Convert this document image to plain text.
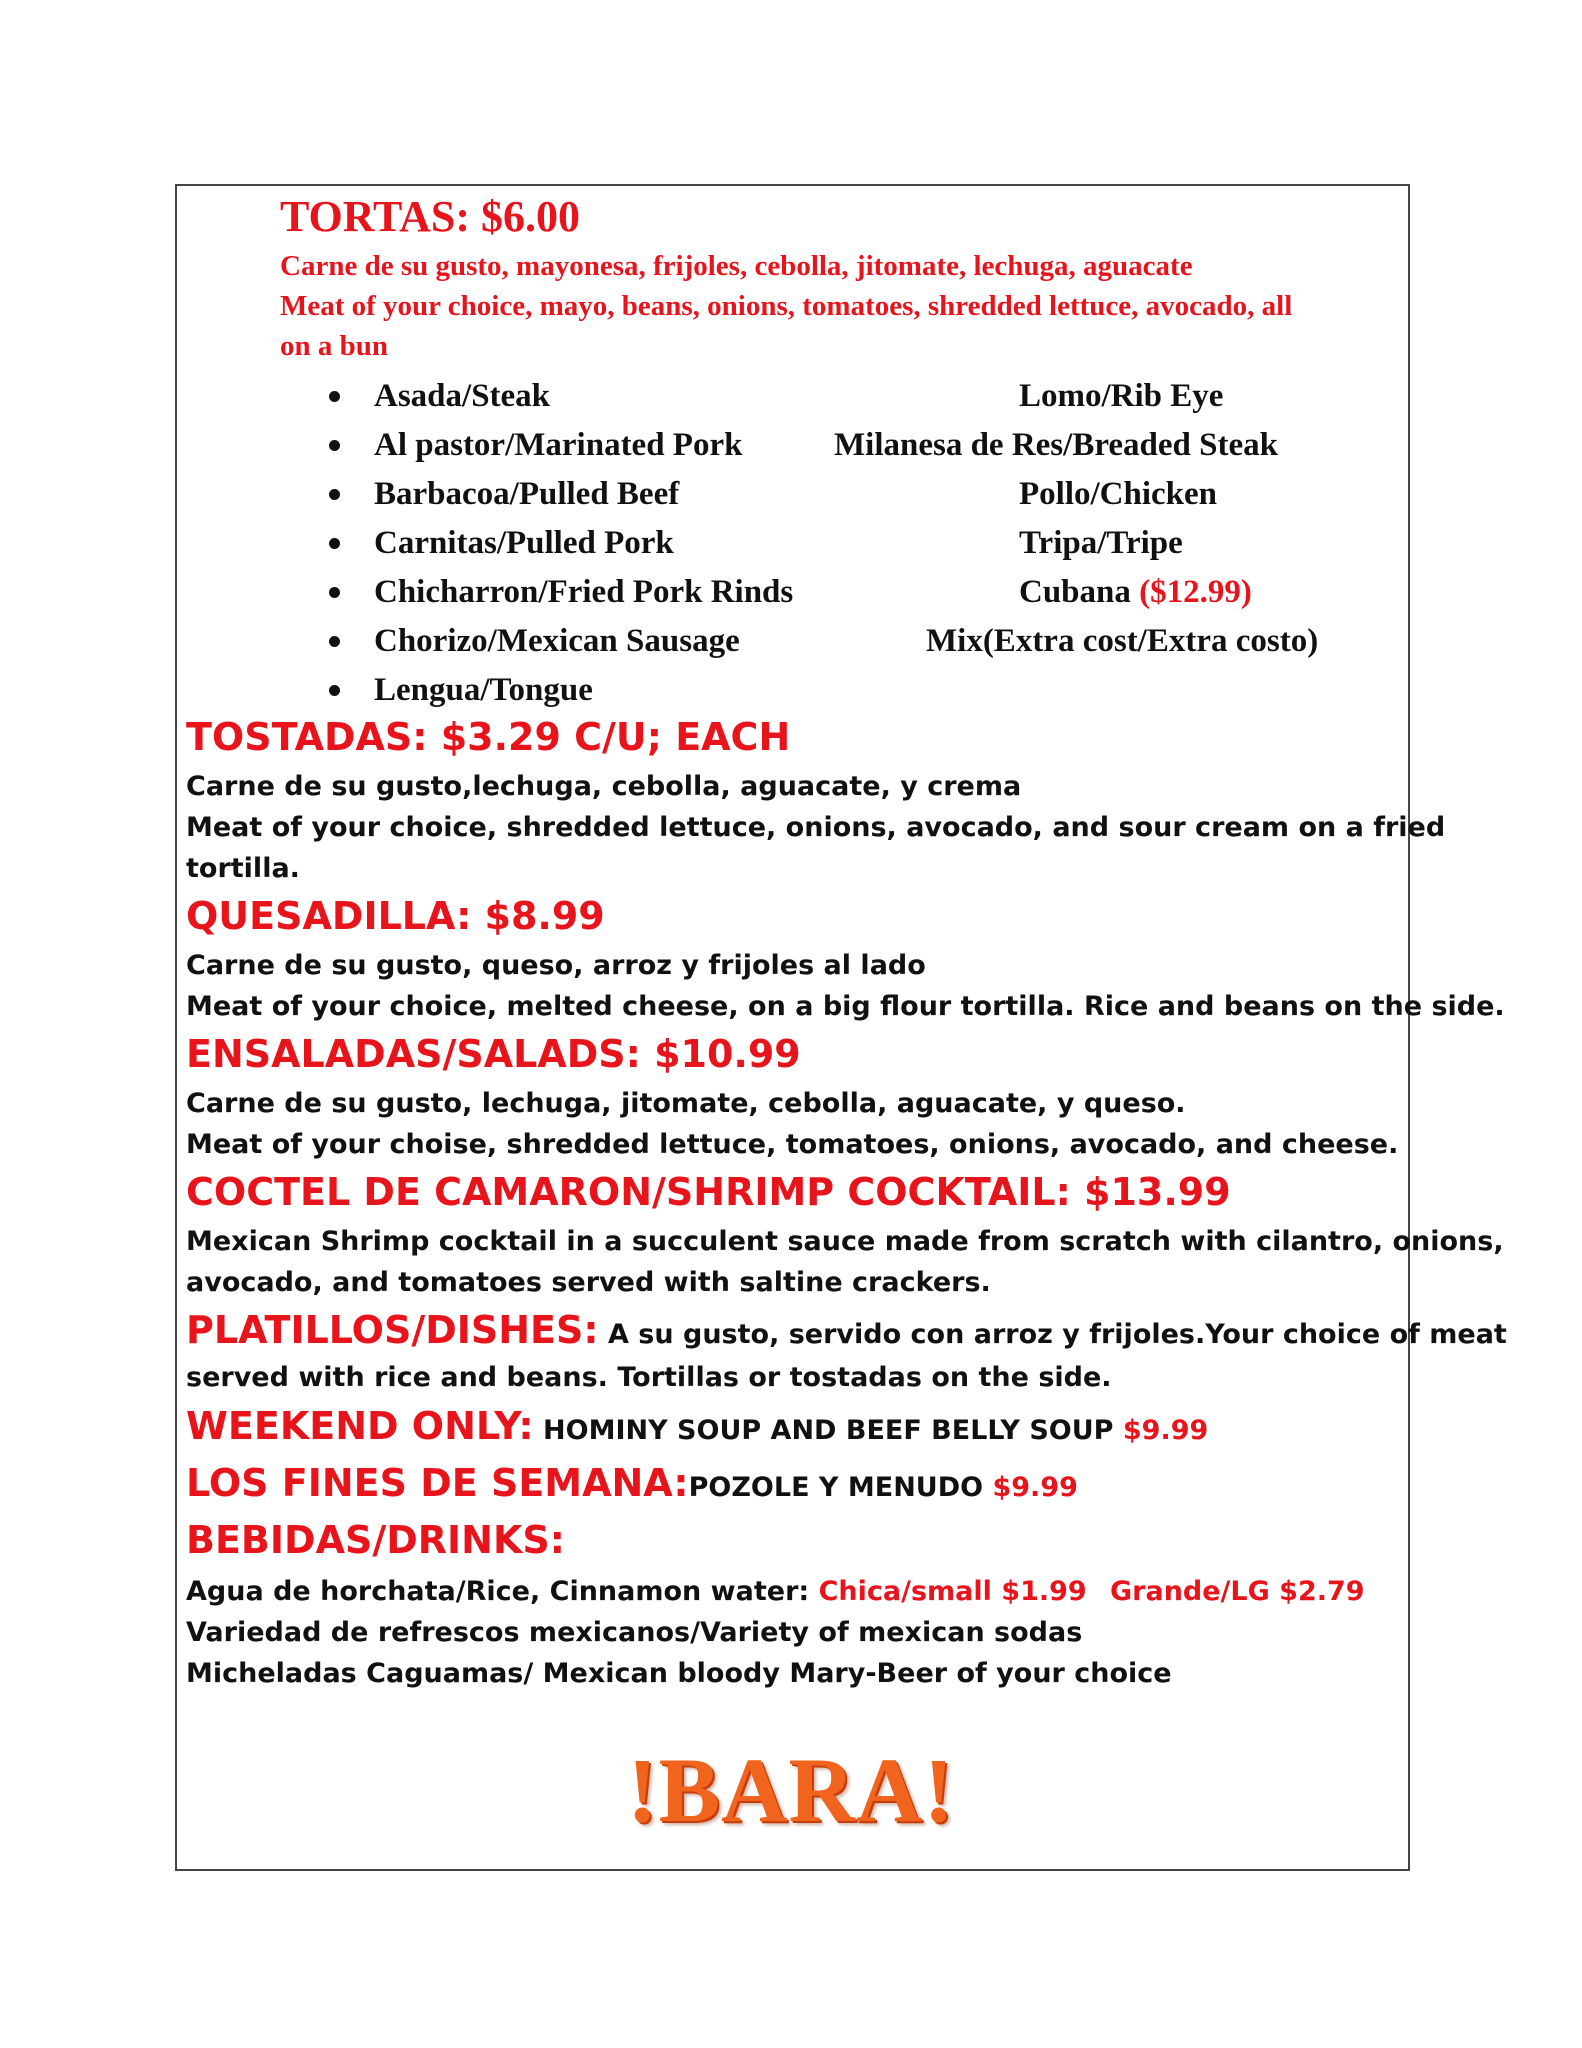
TORTAS: $6.00
Carne de su gusto, mayonesa, frijoles, cebolla, jitomate, lechuga, aguacate
Meat of your choice, mayo, beans, onions, tomatoes, shredded lettuce, avocado, all
on a bun
Asada/Steak
Al pastor/Marinated Pork
Barbacoa/Pulled Beef
Carnitas/Pulled Pork
Chicharron/Fried Pork Rinds
Chorizo/Mexican Sausage
Lengua/Tongue
Lomo/Rib Eye
Milanesa de Res/Breaded Steak
Pollo/Chicken
Tripa/Tripe
Cubana ($12.99)
Mix(Extra cost/Extra costo)
TOSTADAS: $3.29 C/U; EACH
Carne de su gusto,lechuga, cebolla, aguacate, y crema
Meat of your choice, shredded lettuce, onions, avocado, and sour cream on a fried
tortilla.
QUESADILLA: $8.99
Carne de su gusto, queso, arroz y frijoles al lado
Meat of your choice, melted cheese, on a big flour tortilla. Rice and beans on the side.
ENSALADAS/SALADS: $10.99
Carne de su gusto, lechuga, jitomate, cebolla, aguacate, y queso.
Meat of your choise, shredded lettuce, tomatoes, onions, avocado, and cheese.
COCTEL DE CAMARON/SHRIMP COCKTAIL: $13.99
Mexican Shrimp cocktail in a succulent sauce made from scratch with cilantro, onions,
avocado, and tomatoes served with saltine crackers.
PLATILLOS/DISHES: A su gusto, servido con arroz y frijoles.Your choice of meat
served with rice and beans. Tortillas or tostadas on the side.
WEEKEND ONLY: HOMINY SOUP AND BEEF BELLY SOUP $9.99
LOS FINES DE SEMANA:POZOLE Y MENUDO $9.99
BEBIDAS/DRINKS:
Agua de horchata/Rice, Cinnamon water: Chica/small $1.99 Grande/LG $2.79
Variedad de refrescos mexicanos/Variety of mexican sodas
Micheladas Caguamas/ Mexican bloody Mary-Beer of your choice
!BARA!
